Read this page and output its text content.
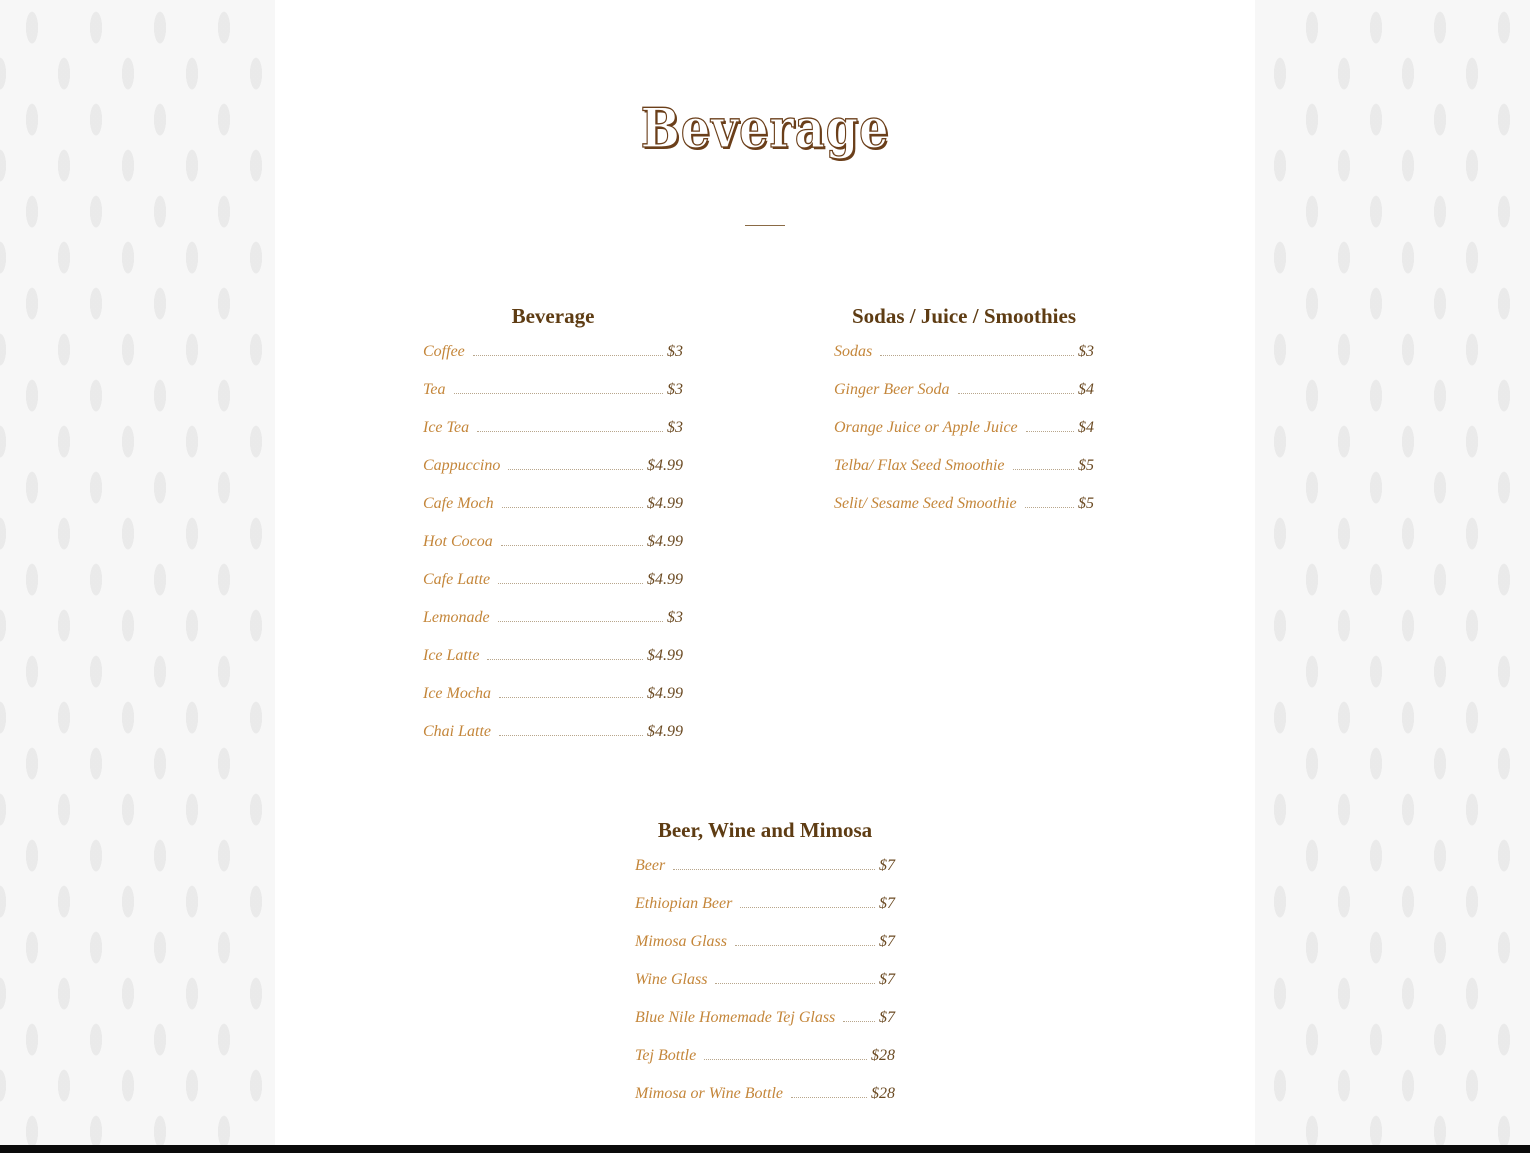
Beverage
Beverage
Coffee	$3
Tea	$3
Ice Tea	$3
Cappuccino	$4.99
Cafe Moch	$4.99
Hot Cocoa	$4.99
Cafe Latte	$4.99
Lemonade	$3
Ice Latte	$4.99
Ice Mocha	$4.99
Chai Latte	$4.99
Sodas / Juice / Smoothies
Sodas	$3
Ginger Beer Soda	$4
Orange Juice or Apple Juice	$4
Telba/ Flax Seed Smoothie	$5
Selit/ Sesame Seed Smoothie	$5
Beer, Wine and Mimosa
Beer	$7
Ethiopian Beer	$7
Mimosa Glass	$7
Wine Glass	$7
Blue Nile Homemade Tej Glass	$7
Tej Bottle	$28
Mimosa or Wine Bottle	$28
